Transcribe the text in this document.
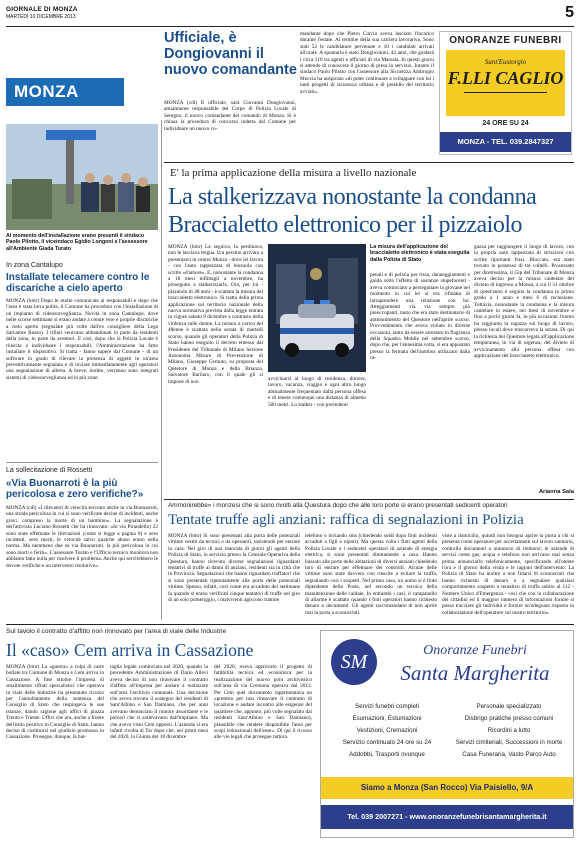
GIORNALE DI MONZA
MARTEDÌ 10 DICEMBRE 2013	5
MONZA
Ufficiale, è Dongiovanni il nuovo comandante

MONZA (cdl) È ufficiale, sarà Giovanni Dongiovanni, attualmente responsabile del Corpo di Polizia Locale di Seregno, il nuovo comandante del comando di Monza. Si è chiusa la procedura di concorso indetta dal Comune per individuare un nuovo co-

mandante dopo che Pietro Curcio aveva lasciato l'incarico durante l'estate. Al termine della sua carriera lavorativa. Sono stati 52 le candidature pervenute e 10 i candidati arrivati all'orale. A spuntarla è stato Dongiovanni, 42 anni, che guiderà i circa 110 tra agenti e ufficiali di via Marsala. In questi giorni si attende di conoscere il giorno di presa in servizio. Intanto il sindaco Paolo Pilotto con l'assessore alla Sicurezza Ambrogio Moccia ha auspicato «di poter continuare a sviluppare con lui i tanti progetti di sicurezza urbana e di presidio del territorio avviati».

ONORANZE FUNEBRI
Sant'Eustorgio
F.LLI CAGLIO
24 ORE SU 24
MONZA - TEL. 039.2847327
Al momento dell'installazione erano presenti il sindaco Paolo Pilotto, il viceindaco Egidio Longoni e l'assessore all'Ambiente Giada Turato
In zona Cantalupo
Installate telecamere contro le discariche a cielo aperto

MONZA (bmr) Dopo le molte comunicate ai responsabili e dopo che l'area è stata lorra pulita, il Comune ha proceduto con l'installazione di un impianto di videosorveglianza. Novità in zona Cantalupo, dove nelle scorse settimane si erano andate a creare vere e proprie discariche a cielo aperto (segnalate più volte dall'ex consigliere della Lega Salvatore Russo). I rifiuti venivano abbandonati in parte da residenti della zona, in parte da aventori. E così, dopo che la Polizia Locale è riuscita a individuare i responsabili, l'Amministrazione ha fatto installare il dispositivo. Si tratta - fanno sapere dal Comune - di un software in grado di rilevare la presenza di oggetti in un'area preventivamente segnalata e di inviare immediatamente agli operatori una segnalazione di allerta. A breve, inoltre, verranno sono integrati sistemi di videosorveglianza ed in più zone.

La sollecitazione di Rossetti
«Via Buonarroti è la più pericolosa e zero verifiche?»

MONZA (cdl) «I rilevatori di velocità servono anche in via Buonarroti, una strada pericolosa in cui si sono verificate decine di incidenti, anche gravi, compreso la morte di un bambino». La segnalazione è dell'attivista Luciano Rossetti che ha rinnovato: «In via Pirandello) 22 sono state effettuate le rilevazioni (come si legge a pagina 8) e zero incidenti, zero morti, le velocità salvo qualche abuso erano nella norma. Ma nemmeno due su via Buonarroti, la più pericolosa in cui sono morti e feriti». L'assessore Turato e l'Ufficio tecnico monitora non abbiamo fatto nulla per risolvere il problema. Anche qui servirebbero le dovute verifiche e un intervento risolutivo».

E' la prima applicazione della misura a livello nazionale
La stalkerizzava nonostante la condanna
Braccialetto elettronico per il pizzaiolo

MONZA (bmr) La seguiva, la perdinava, non le lasciava tregua. Era persino arrivato a presentarsi in centro Monza - dove lei lavora - con l'auto tappezzata di lenzuola con scritte «d'amore». E, nonostante la condanna a 18 mesi inflittagli a novembre, ha proseguito a stalkerizzarla. Ora, per lui - pizzaiolo di 48 anni - è scattata la misura del braccialetto elettronico. Si tratta della prima applicazione sul territorio nazionale della nuova normativa prevista dalla legge entrata in vigore sabato 9 dicembre a contrasto della violenza sulle donne. La misura a carico del 48enne è scattata nella serata di martedì scorso, quando gli operatori della Polizia di Stato hanno eseguito il decreto emesso dal Presidente del Tribunale di Milano Sezione Autonoma Misure di Prevenzione di Milano, Giuseppe Cernuto, su proposta del Questore di Monza e della Brianza, Salvatore Barilaro, con il quale gli si impone di non

La misura dell'applicazione del braccialetto elettronico è stata eseguita dalla Polizia di Stato

avvicinarsi al luogo di residenza, dimora, lavoro, vacanza, viaggio e ogni altro luogo abitualmente frequentato dalla persona offesa e di tenere comunque una distanza di almeno 500 metri. Lo stalker - con precedenti

penali e di polizia per rissa, danneggiamenti e guida sotto l'effetto di sostanze stupefacenti - aveva cominciato a perseguitare la giovane nel momento in cui lei si era rifiutata di intraprendere una relazione con lui. Atteggiamenti via via sempre più preoccupanti, tanto che era stato destinatario di ammonimento del Questore nell'aprile scorso. Provvedimento che aveva violato in diverse occasioni, tanto da essere arrestato in flagranza della Squadra Mobile nel settembre scorso, dopo che, per l'ennesima volta, si era appostato presso la fermata dell'autobus utilizzato dalla ra-

gazza per raggiungere il luogo di lavoro, con la propria auto tappezzata di striscioni con scritte riportanti frasi. Bloccato, era stato trovato in possesso di tre coltelli. Processato per direttissima, il Gip del Tribunale di Monza aveva deciso per la misura cautelare del divieto di ingresso a Monza, a cui il 31 ottobre di quest'anno è seguita la condanna in primo grado a 1 anno e mesi 6 di reclusione. Tuttavia, nonostante la condanna e la misura cautelare in essere, nei mesi di novembre e fino a pochi giorni fa, in più occasioni l'uomo ha raggiunto la ragazza sul luogo di lavoro, presso locali dove trascorreva la serata. Di qui la richiesta del Questore legata all'applicazione temporanea, in via di urgenza, del divieto di avvicinamento alla persona offesa con applicazione del braccialetto elettronico.

Arianna Sala
Ammonirebbe» i monzesi che si sono rivolti alla Questura dopo che alle loro porte si erano presentati sedicenti operatori
Tentate truffe agli anziani: raffica di segnalazioni in Polizia

MONZA (bmr) Si sono presentati alla porta delle potenziali vittime vestiti da tecnici o da operatori, insistendo per entrare in casa. Nel giro di una mancata di giorni gli agenti della Polizia di Stato, in servizio presso la Centrale Operativa della Questura, hanno ricevuto diverse segnalazioni riguardanti tentativi di truffe ai danni di anziani, residenti sia in città che in Provincia. Segnalazioni che hanno riguardato truffatori che si sono presentati ripetutamente alla porta delle potenziali vittime. Spesso, infatti, così come era accaduto dei settimane fa quando si erano verificati cinque tentativi di truffe nel giro di un solo pomeriggio, i malviventi agiscono tramite

telefono o inviando sms (chiedendo soldi dopo finti incidenti accaduti a figli o nipoti). Ma questa volta i finti agenti della Polizia Locale o i sedicenti operatori di aziende di energia elettrica, si sono presentati direttamente a casa. Hanno bussato alle porte delle abitazioni di diversi anziani chiedendo loro di entrare per effettuare dei controlli. Alcune delle vittime sono state davvero con riuscite a evitare la truffa, segnalando così i sospetti. Nel primo caso, un uomo si è finto dipendente delle Poste, nel secondo un tecnico della manutenzione delle caldaie. In entrambi i casi, il campanello di allarme è scattato quando i finti operatori hanno richiesto denaro o documenti. Gli agenti raccomandano di non aprire mai la porta a sconosciuti.

viste a domicilio, quindi non bisogna aprire la porta a chi si presenta come operatore per accertamenti sul lavoro sanitario, controllo documenti o annuncio di rimborsi; le aziende di servizi come gas, acqua e telefono non arrivano mai senza prima annunciarlo telefonicamente, specificando all'utente l'ora e il giorno della visita e le ragioni dell'intervento. La Polizia di Stato ha inoltre a non fidarsi di sconosciuti che hanno richiesto di denaro e a segnalare qualsiasi comportamento sospetto o tentativo di truffa subito al 112 - Numero Unico d'Emergenza - così che con la collaborazione dei cittadini ed il maggior numero di informazioni fornite si possa tracciare gli individui e fornire un'adeguata risposta in collaborazione dell'operatore sul nostro territorio».

Sul tavolo il contratto d'affitto non rinnovato per l'area di viale delle Industrie
Il «caso» Cem arriva in Cassazione

MONZA (bmr) La «guerra» a colpi di carte bollate tra Comune di Monza e Cem arriva in Cassazione. A fine ottobre l'impresa di smaltimento rifiuti specialistici che operava in viale delle Industrie ha presentato ricorso per l'annullamento della sentenza del Consiglio di Stato che respingeva le sue istanze, dando ragione agli uffici di piazza Trento e Trieste. Uffici che ora, anche a fronte dell'esito positivo in Consiglio di Stato, hanno deciso di costituirsi nel giudizio promosso in Cassazione. Prosegue, dunque, la bat-

taglia legale cominciata nel 2020, quando la precedente Amministrazione di Dario Allevi aveva deciso di non rinnovare il contratto d'affitto all'impresa per andare a realizzare sull'area l'archivio comunale. Una decisione che aveva trovato il sostegno del residenti di Sant'Albino e San Damiano, che per anni avevano denunciato il rumore assordante e le polveri che si sollevavano dall'impianto. Ma che aveva visto Cem opporsi. L'azienda si era infatti rivolta al Tar dopo che, nei primi mesi del 2020, la Giunta del 18 dicembre

del 2020, aveva approvato il progetto di fattibilità tecnica ed economica per la realizzazione del nuovo polo archivistico sull'area di via Cremona operava dal 2013. Per Cem quel documento rappresentava un «pretesto per non rinnovare il contratto di locazione e andare incontro alle esigenze del quartiere che, appunto, più volte segnalato dai residenti Sant'Albino e San Damiano), plausibile che rendere disponibile l'area per scopi istituzionali dell'ente». Di qui il ricorso alle vie legali che prosegue tuttora.

SM
Onoranze Funebri
Santa Margherita
Servizi funebri completi
Esumazioni, Estumazioni
Vestizioni, Cremazioni
Servizio continuato 24 ore su 24
Addobbi, Trasporti ovunque
Personale specializzato
Disbrigo pratiche presso comuni
Ricordini a lutto
Servizi cimiteriali, Successioni in morte
Casa Funeraria, Vasto Parco Auto
Siamo a Monza (San Rocco) Via Paisiello, 9/A
Tel. 039 2007271 - www.onoranzefunebrisantamargherita.it
